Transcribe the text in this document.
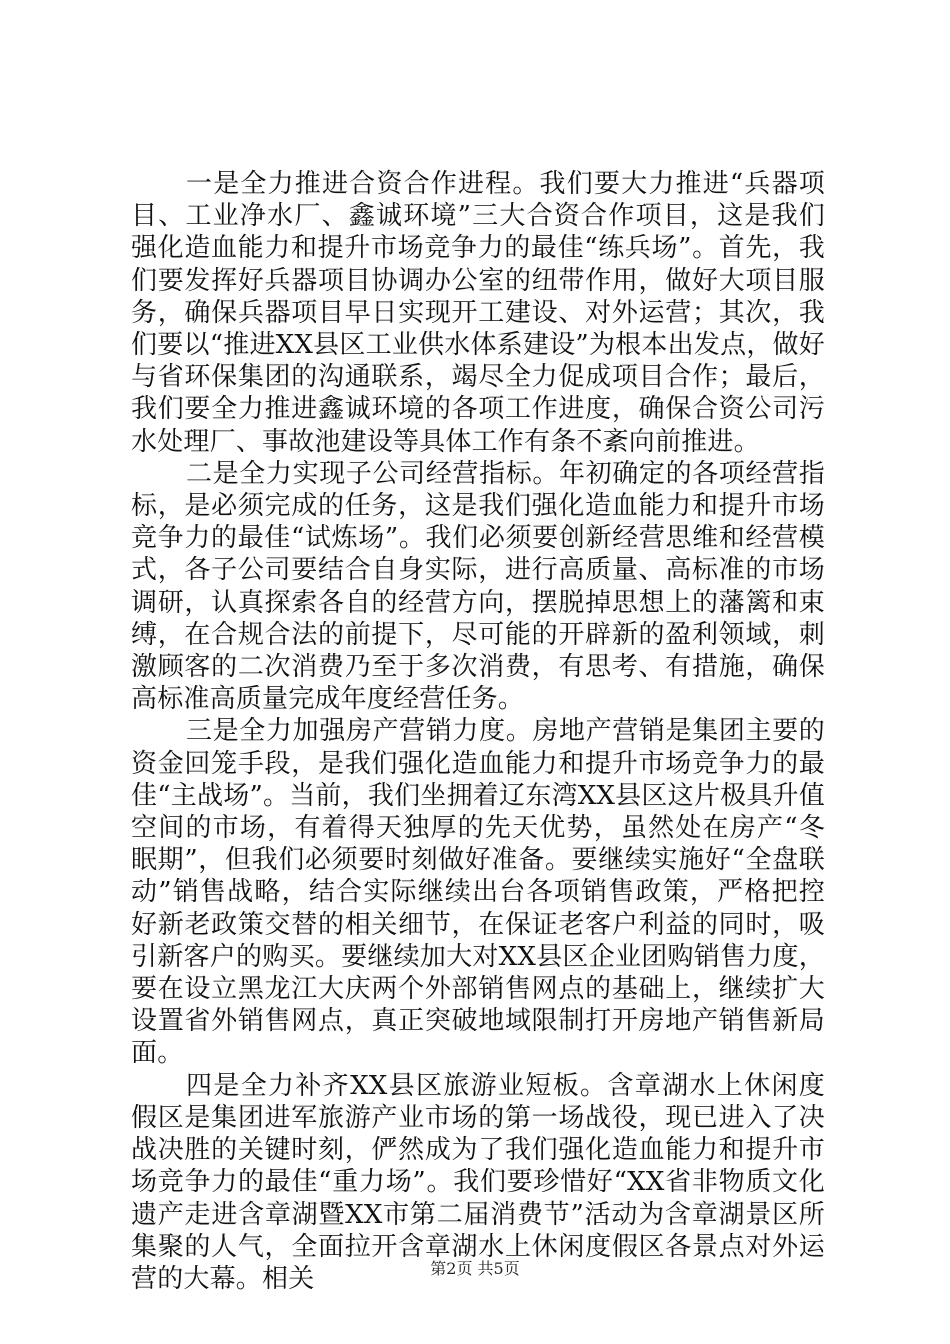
一是全力推进合资合作进程。我们要大力推进“兵器项目、工业净水厂、鑫诚环境”三大合资合作项目，这是我们强化造血能力和提升市场竞争力的最佳“练兵场”。首先，我们要发挥好兵器项目协调办公室的纽带作用，做好大项目服务，确保兵器项目早日实现开工建设、对外运营；其次，我们要以“推进XX县区工业供水体系建设”为根本出发点，做好与省环保集团的沟通联系，竭尽全力促成项目合作；最后，我们要全力推进鑫诚环境的各项工作进度，确保合资公司污水处理厂、事故池建设等具体工作有条不紊向前推进。

二是全力实现子公司经营指标。年初确定的各项经营指标，是必须完成的任务，这是我们强化造血能力和提升市场竞争力的最佳“试炼场”。我们必须要创新经营思维和经营模式，各子公司要结合自身实际，进行高质量、高标准的市场调研，认真探索各自的经营方向，摆脱掉思想上的藩篱和束缚，在合规合法的前提下，尽可能的开辟新的盈利领域，刺激顾客的二次消费乃至于多次消费，有思考、有措施，确保高标准高质量完成年度经营任务。

三是全力加强房产营销力度。房地产营销是集团主要的资金回笼手段，是我们强化造血能力和提升市场竞争力的最佳“主战场”。当前，我们坐拥着辽东湾XX县区这片极具升值空间的市场，有着得天独厚的先天优势，虽然处在房产“冬眠期”，但我们必须要时刻做好准备。要继续实施好“全盘联动”销售战略，结合实际继续出台各项销售政策，严格把控好新老政策交替的相关细节，在保证老客户利益的同时，吸引新客户的购买。要继续加大对XX县区企业团购销售力度，要在设立黑龙江大庆两个外部销售网点的基础上，继续扩大设置省外销售网点，真正突破地域限制打开房地产销售新局面。

四是全力补齐XX县区旅游业短板。含章湖水上休闲度假区是集团进军旅游产业市场的第一场战役，现已进入了决战决胜的关键时刻，俨然成为了我们强化造血能力和提升市场竞争力的最佳“重力场”。我们要珍惜好“XX省非物质文化遗产走进含章湖暨XX市第二届消费节”活动为含章湖景区所集聚的人气，全面拉开含章湖水上休闲度假区各景点对外运营的大幕。相关	第2页 共5页
